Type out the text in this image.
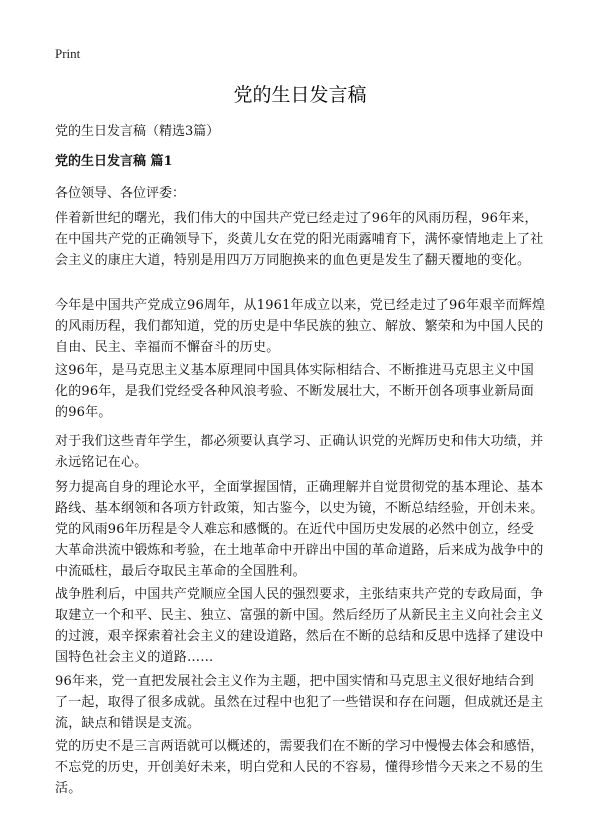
Print
党的生日发言稿

党的生日发言稿（精选3篇）

党的生日发言稿 篇1

各位领导、各位评委：

伴着新世纪的曙光，我们伟大的中国共产党已经走过了96年的风雨历程，96年来，在中国共产党的正确领导下，炎黄儿女在党的阳光雨露哺育下，满怀豪情地走上了社会主义的康庄大道，特别是用四万万同胞换来的血色更是发生了翻天覆地的变化。

今年是中国共产党成立96周年，从1961年成立以来，党已经走过了96年艰辛而辉煌的风雨历程，我们都知道，党的历史是中华民族的独立、解放、繁荣和为中国人民的自由、民主、幸福而不懈奋斗的历史。

这96年，是马克思主义基本原理同中国具体实际相结合、不断推进马克思主义中国化的96年，是我们党经受各种风浪考验、不断发展壮大，不断开创各项事业新局面的96年。

对于我们这些青年学生，都必须要认真学习、正确认识党的光辉历史和伟大功绩，并永远铭记在心。

努力提高自身的理论水平，全面掌握国情，正确理解并自觉贯彻党的基本理论、基本路线、基本纲领和各项方针政策，知古鉴今，以史为镜，不断总结经验，开创未来。党的风雨96年历程是令人难忘和感慨的。在近代中国历史发展的必然中创立，经受大革命洪流中锻炼和考验，在土地革命中开辟出中国的革命道路，后来成为战争中的中流砥柱，最后夺取民主革命的全国胜利。

战争胜利后，中国共产党顺应全国人民的强烈要求，主张结束共产党的专政局面，争取建立一个和平、民主、独立、富强的新中国。然后经历了从新民主主义向社会主义的过渡，艰辛探索着社会主义的建设道路，然后在不断的总结和反思中选择了建设中国特色社会主义的道路……

96年来，党一直把发展社会主义作为主题，把中国实情和马克思主义很好地结合到了一起，取得了很多成就。虽然在过程中也犯了一些错误和存在问题，但成就还是主流，缺点和错误是支流。

党的历史不是三言两语就可以概述的，需要我们在不断的学习中慢慢去体会和感悟，不忘党的历史，开创美好未来，明白党和人民的不容易，懂得珍惜今天来之不易的生活。
